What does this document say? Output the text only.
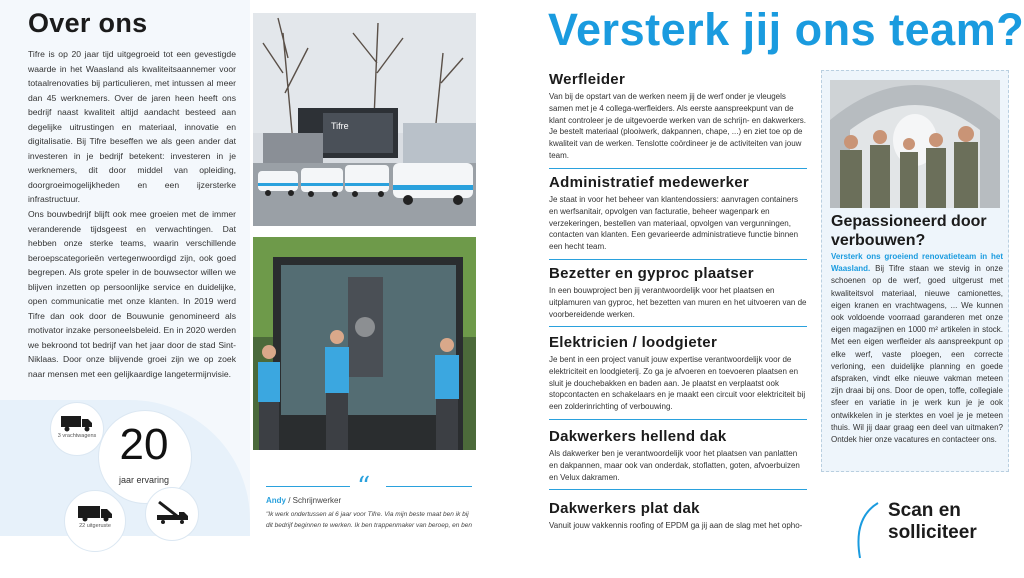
Over ons
Tifre is op 20 jaar tijd uitgegroeid tot een gevestigde waarde in het Waasland als kwaliteitsaannemer voor totaalrenovaties bij particulieren, met intussen al meer dan 45 werknemers. Over de jaren heen heeft ons bedrijf naast kwaliteit altijd aandacht besteed aan degelijke uitrustingen en materiaal, innovatie en digitalisatie. Bij Tifre beseffen we als geen ander dat investeren in je bedrijf betekent: investeren in je werknemers, dit door middel van opleiding, doorgroeimogelijkheden en een ijzersterke infrastructuur.
Ons bouwbedrijf blijft ook mee groeien met de immer veranderende tijdsgeest en verwachtingen. Dat hebben onze sterke teams, waarin verschillende beroepscategorieën vertegenwoordigd zijn, ook goed begrepen. Als grote speler in de bouwsector willen we blijven inzetten op persoonlijke service en duidelijke, open communicatie met onze klanten. In 2019 werd Tifre dan ook door de Bouwunie genomineerd als motivator inzake personeelsbeleid. En in 2020 werden we bekroond tot bedrijf van het jaar door de stad Sint-Niklaas. Door onze blijvende groei zijn we op zoek naar mensen met een gelijkaardige langetermijnvisie.
3 vrachtwagens 20
jaar ervaring
22 uitgeruste
Tifre
“
Andy / Schrijnwerker
"Ik werk ondertussen al 6 jaar voor Tifre. Via mijn beste maat ben ik bij dit bedrijf beginnen te werken. Ik ben trappenmaker van beroep, en ben
Versterk jij ons team?
Werfleider
Van bij de opstart van de werken neem jij de werf onder je vleugels samen met je 4 collega-werfleiders. Als eerste aanspreekpunt van de klant controleer je de uitgevoerde werken van de schrijn- en dakwerkers. Je bestelt materiaal (plooiwerk, dakpannen, chape, ...) en ziet toe op de kwaliteit van de werken. Tenslotte coördineer je de activiteiten van jouw team.
Administratief medewerker
Je staat in voor het beheer van klantendossiers: aanvragen containers en werfsanitair, opvolgen van facturatie, beheer wagenpark en verzekeringen, bestellen van materiaal, opvolgen van vergunningen, contacten van klanten. Een gevarieerde administratieve functie binnen een hecht team.
Bezetter en gyproc plaatser
In een bouwproject ben jij verantwoordelijk voor het plaatsen en uitplamuren van gyproc, het bezetten van muren en het uitvoeren van de voorbereidende werken.
Elektricien / loodgieter
Je bent in een project vanuit jouw expertise verantwoordelijk voor de elektriciteit en loodgieterij. Zo ga je afvoeren en toevoeren plaatsen en sluit je douchebakken en baden aan. Je plaatst en verplaatst ook stopcontacten en schakelaars en je maakt een circuit voor elektriciteit bij een zolderinrichting of verbouwing.
Dakwerkers hellend dak
Als dakwerker ben je verantwoordelijk voor het plaatsen van panlatten en dakpannen, maar ook van onderdak, stoflatten, goten, afvoerbuizen en Velux dakramen.
Dakwerkers plat dak
Vanuit jouw vakkennis roofing of EPDM ga jij aan de slag met het opho-
Gepassioneerd door verbouwen?
Versterk ons groeiend renovatieteam in het Waasland. Bij Tifre staan we stevig in onze schoenen op de werf, goed uitgerust met kwaliteitsvol materiaal, nieuwe camionettes, eigen kranen en vrachtwagens, ... We kunnen ook voldoende voorraad garanderen met onze eigen magazijnen en 1000 m² artikelen in stock. Met een eigen werfleider als aanspreekpunt op elke werf, vaste ploegen, een correcte verloning, een duidelijke planning en goede afspraken, vindt elke nieuwe vakman meteen zijn draai bij ons. Door de open, toffe, collegiale sfeer en variatie in je werk kun je je ook ontwikkelen in je sterktes en voel je je meteen thuis. Wil jij daar graag een deel van uitmaken? Ontdek hier onze vacatures en contacteer ons.
Scan en
solliciteer
